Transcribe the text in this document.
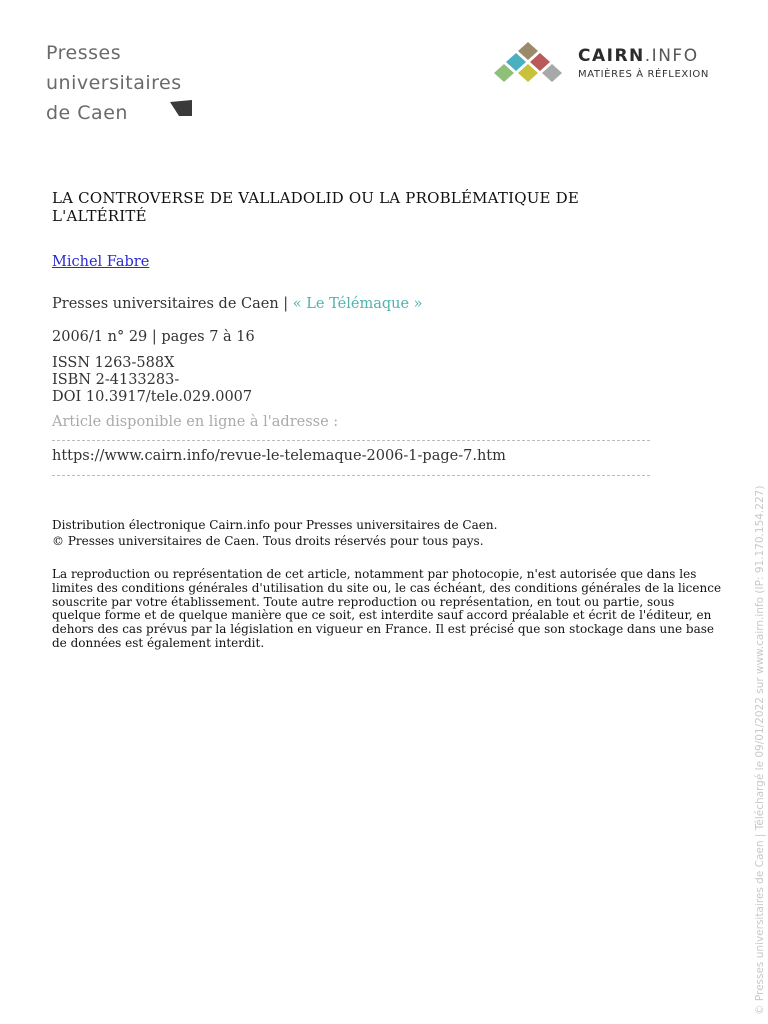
Presses
universitaires
de Caen
CAIRN.INFO
MATIÈRES À RÉFLEXION
LA CONTROVERSE DE VALLADOLID OU LA PROBLÉMATIQUE DE L'ALTÉRITÉ
Michel Fabre
Presses universitaires de Caen | « Le Télémaque »
2006/1 n° 29 | pages 7 à 16
ISSN 1263-588X
ISBN 2-4133283-
DOI 10.3917/tele.029.0007
Article disponible en ligne à l'adresse :
https://www.cairn.info/revue-le-telemaque-2006-1-page-7.htm
Distribution électronique Cairn.info pour Presses universitaires de Caen.
© Presses universitaires de Caen. Tous droits réservés pour tous pays.
La reproduction ou représentation de cet article, notamment par photocopie, n'est autorisée que dans les limites des conditions générales d'utilisation du site ou, le cas échéant, des conditions générales de la licence souscrite par votre établissement. Toute autre reproduction ou représentation, en tout ou partie, sous quelque forme et de quelque manière que ce soit, est interdite sauf accord préalable et écrit de l'éditeur, en dehors des cas prévus par la législation en vigueur en France. Il est précisé que son stockage dans une base de données est également interdit.	© Presses universitaires de Caen | Téléchargé le 09/01/2022 sur www.cairn.info (IP: 91.170.154.227)
